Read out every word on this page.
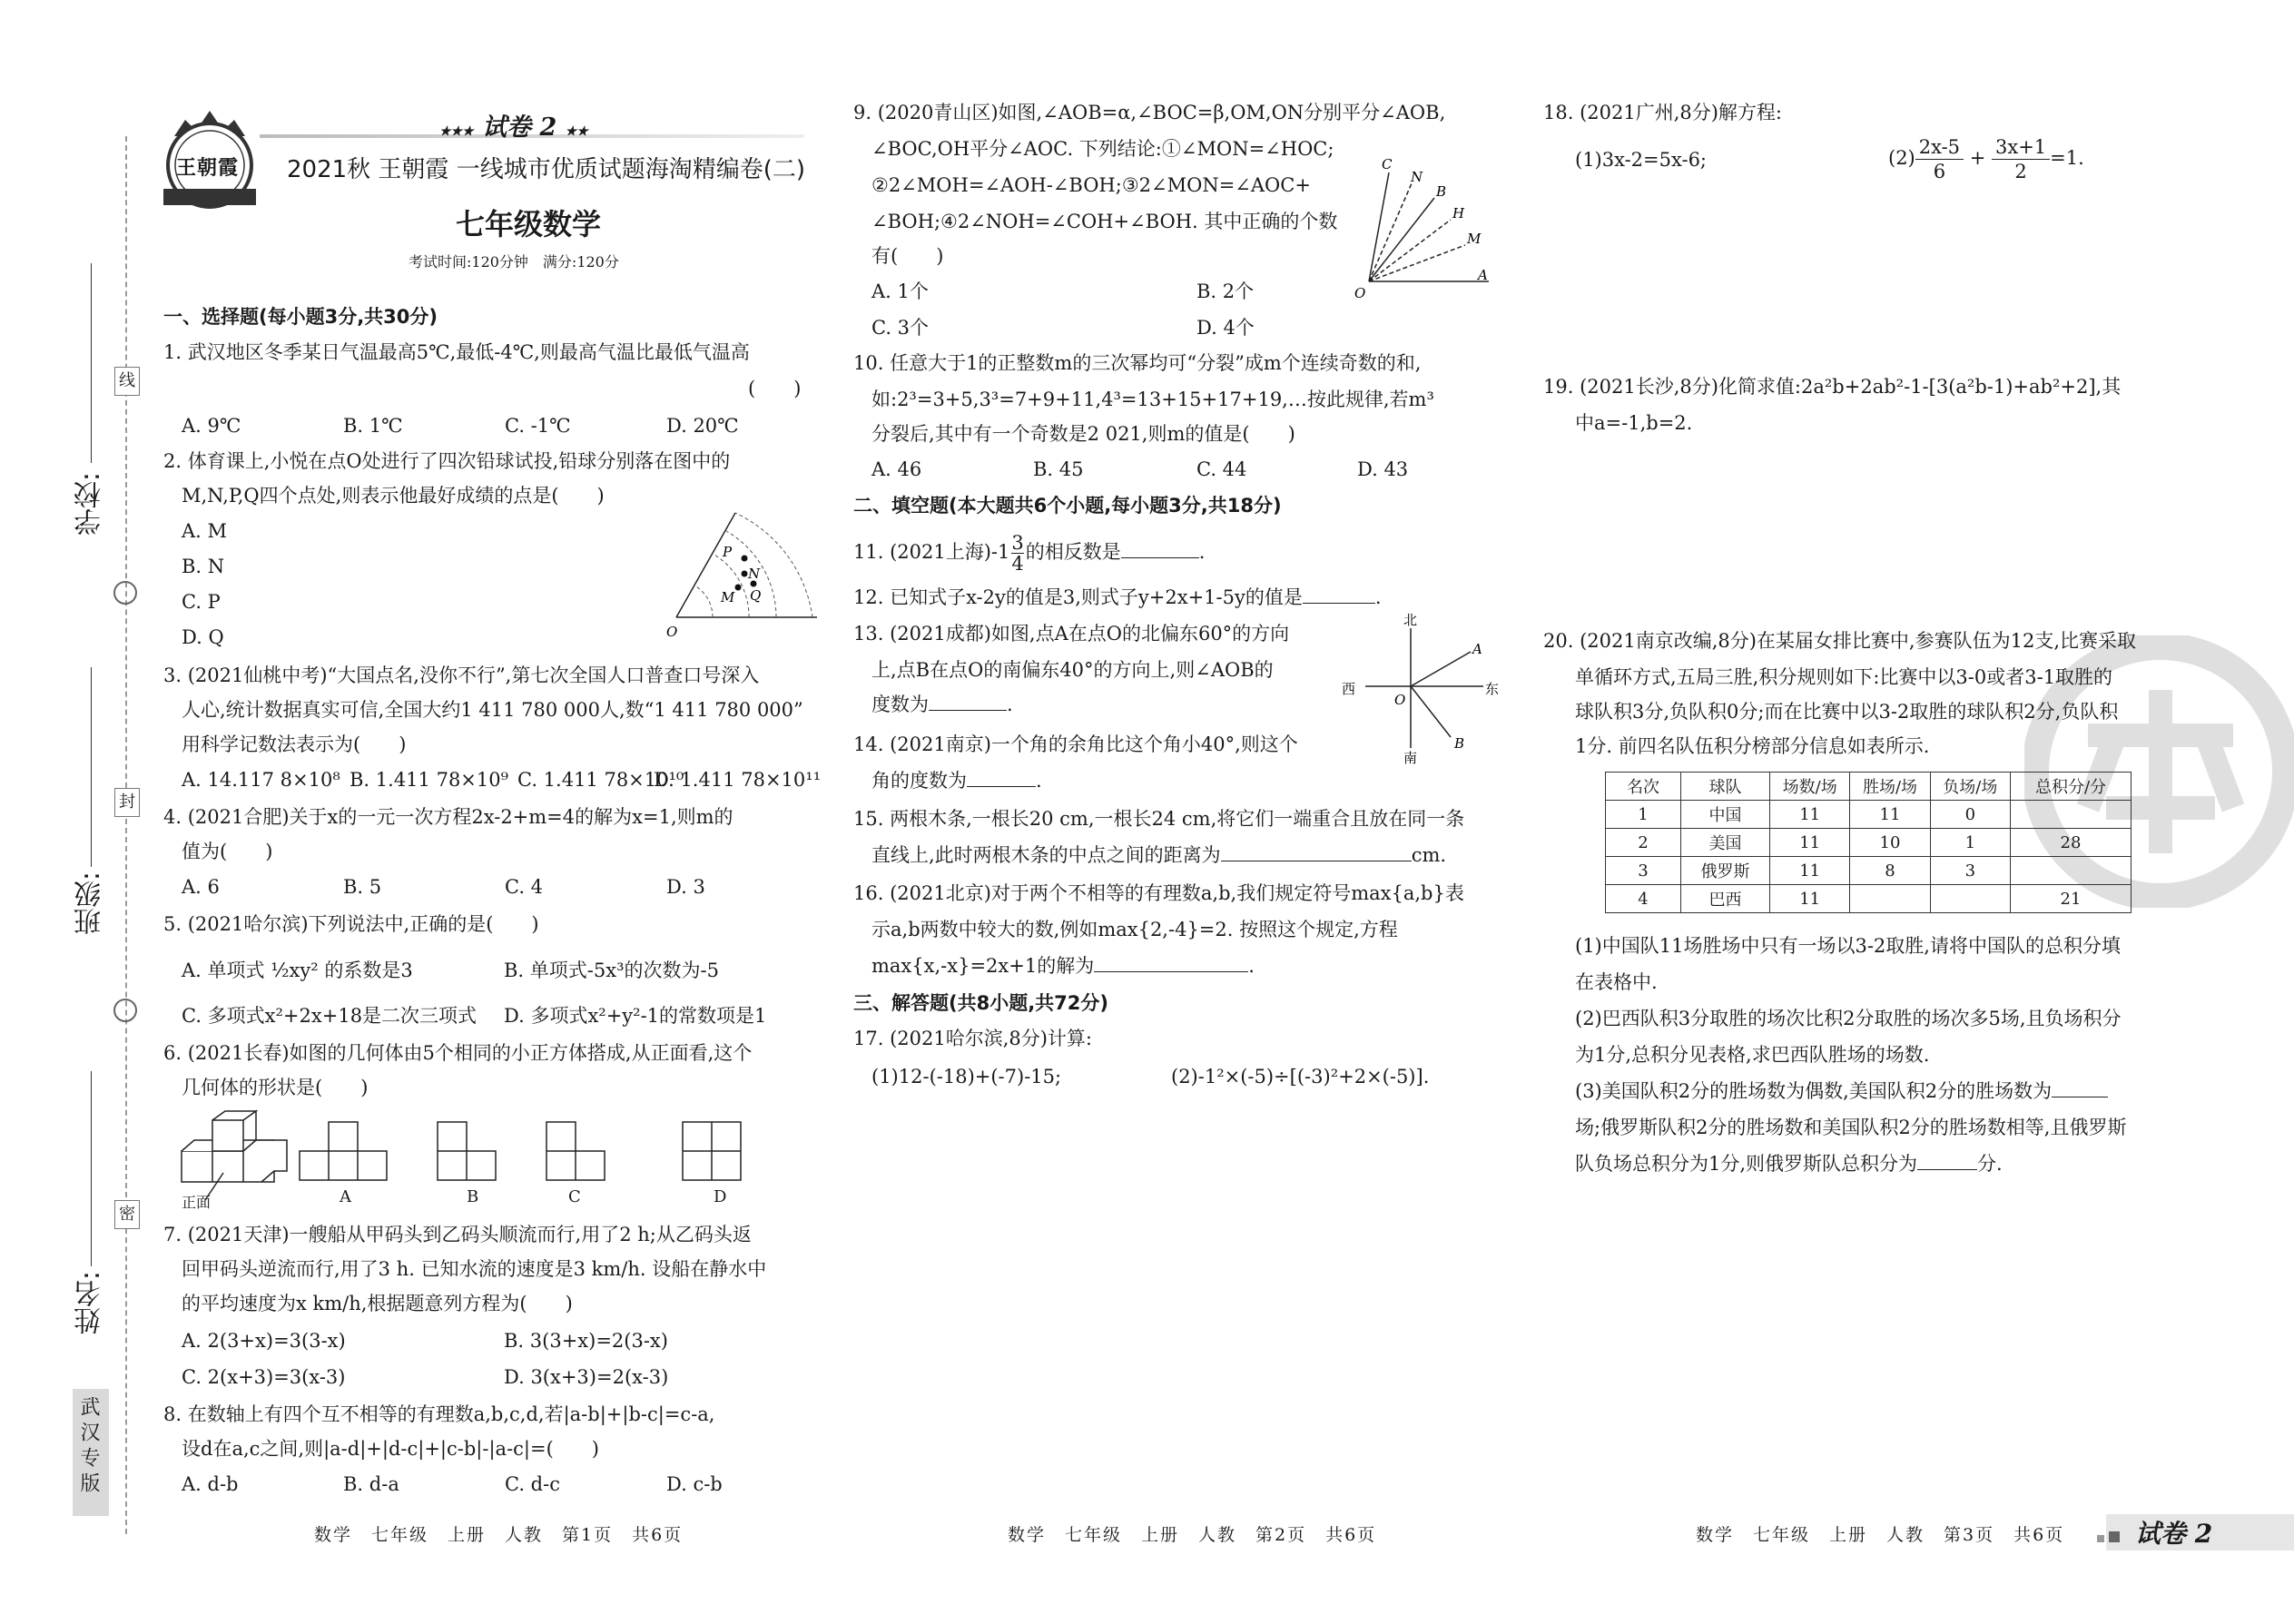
线
封
密
学校:
班级:
姓名:
武汉专版
王朝霞
★★★ 试卷 2 ★★
2021秋 王朝霞 一线城市优质试题海淘精编卷(二)
七年级数学
考试时间:120分钟　满分:120分
一、选择题(每小题3分,共30分)
1. 武汉地区冬季某日气温最高5℃,最低-4℃,则最高气温比最低气温高
(　　)
A. 9℃	B. 1℃	C. -1℃	D. 20℃
2. 体育课上,小悦在点O处进行了四次铅球试投,铅球分别落在图中的
M,N,P,Q四个点处,则表示他最好成绩的点是(　　)
A. M
B. N
C. P
D. Q
P
N
M Q
O
3. (2021仙桃中考)“大国点名,没你不行”,第七次全国人口普查口号深入
人心,统计数据真实可信,全国大约1 411 780 000人,数“1 411 780 000”
用科学记数法表示为(　　)
A. 14.117 8×10⁸ B. 1.411 78×10⁹ C. 1.411 78×10¹⁰
D. 1.411 78×10¹¹
4. (2021合肥)关于x的一元一次方程2x-2+m=4的解为x=1,则m的
值为(　　)
A. 6	B. 5	C. 4	D. 3
5. (2021哈尔滨)下列说法中,正确的是(　　)
A. 单项式 ½xy² 的系数是3	B. 单项式-5x³的次数为-5
C. 多项式x²+2x+18是二次三项式 D. 多项式x²+y²-1的常数项是1
6. (2021长春)如图的几何体由5个相同的小正方体搭成,从正面看,这个
几何体的形状是(　　)
正面	A	B	C	D
7. (2021天津)一艘船从甲码头到乙码头顺流而行,用了2 h;从乙码头返
回甲码头逆流而行,用了3 h. 已知水流的速度是3 km/h. 设船在静水中
的平均速度为x km/h,根据题意列方程为(　　)
A. 2(3+x)=3(3-x)	B. 3(3+x)=2(3-x)
C. 2(x+3)=3(x-3)	D. 3(x+3)=2(x-3)
8. 在数轴上有四个互不相等的有理数a,b,c,d,若|a-b|+|b-c|=c-a,
设d在a,c之间,则|a-d|+|d-c|+|c-b|-|a-c|=(　　)
A. d-b	B. d-a	C. d-c	D. c-b
数学　七年级　上册　人教　第1页　共6页
9. (2020青山区)如图,∠AOB=α,∠BOC=β,OM,ON分别平分∠AOB,
∠BOC,OH平分∠AOC. 下列结论:①∠MON=∠HOC;
②2∠MOH=∠AOH-∠BOH;③2∠MON=∠AOC+
∠BOH;④2∠NOH=∠COH+∠BOH. 其中正确的个数
有(　　)
A. 1个	B. 2个
C. 3个	D. 4个
C
N
B
H
M
A
O
10. 任意大于1的正整数m的三次幂均可“分裂”成m个连续奇数的和,
如:2³=3+5,3³=7+9+11,4³=13+15+17+19,…按此规律,若m³
分裂后,其中有一个奇数是2 021,则m的值是(　　)
A. 46	B. 45	C. 44	D. 43
二、填空题(本大题共6个小题,每小题3分,共18分)
11. (2021上海)$-1 \frac{3}{4}$ 的相反数是	.
12. 已知式子x-2y的值是3,则式子y+2x+1-5y的值是	.
13. (2021成都)如图,点A在点O的北偏东60°的方向
上,点B在点O的南偏东40°的方向上,则∠AOB的
度数为	.
北
A
西	东
O
南
B
14. (2021南京)一个角的余角比这个角小40°,则这个
角的度数为	.
15. 两根木条,一根长20 cm,一根长24 cm,将它们一端重合且放在同一条
直线上,此时两根木条的中点之间的距离为	cm.
16. (2021北京)对于两个不相等的有理数a,b,我们规定符号max{a,b}表
示a,b两数中较大的数,例如max{2,-4}=2. 按照这个规定,方程
max{x,-x}=2x+1的解为	.
三、解答题(共8小题,共72分)
17. (2021哈尔滨,8分)计算:
(1)12-(-18)+(-7)-15;	(2)-1²×(-5)÷[(-3)²+2×(-5)].
数学　七年级　上册　人教　第2页　共6页
18. (2021广州,8分)解方程:
(1)3x-2=5x-6;	$(2) \frac{2x-5}{6} + \frac{3x+1}{2} =1$.
19. (2021长沙,8分)化简求值:2a²b+2ab²-1-[3(a²b-1)+ab²+2],其
中a=-1,b=2.
20. (2021南京改编,8分)在某届女排比赛中,参赛队伍为12支,比赛采取
单循环方式,五局三胜,积分规则如下:比赛中以3-0或者3-1取胜的
球队积3分,负队积0分;而在比赛中以3-2取胜的球队积2分,负队积
1分. 前四名队伍积分榜部分信息如表所示.
名次	球队	场数/场	胜场/场	负场/场	总积分/分
1	中国	11	11	0	
2	美国	11	10	1	28
3	俄罗斯	11	8	3	
4	巴西	11			21
(1)中国队11场胜场中只有一场以3-2取胜,请将中国队的总积分填
在表格中.
(2)巴西队积3分取胜的场次比积2分取胜的场次多5场,且负场积分
为1分,总积分见表格,求巴西队胜场的场数.
(3)美国队积2分的胜场数为偶数,美国队积2分的胜场数为
场;俄罗斯队积2分的胜场数和美国队积2分的胜场数相等,且俄罗斯
队负场总积分为1分,则俄罗斯队总积分为	分.
数学　七年级　上册　人教　第3页　共6页
	试卷 2
